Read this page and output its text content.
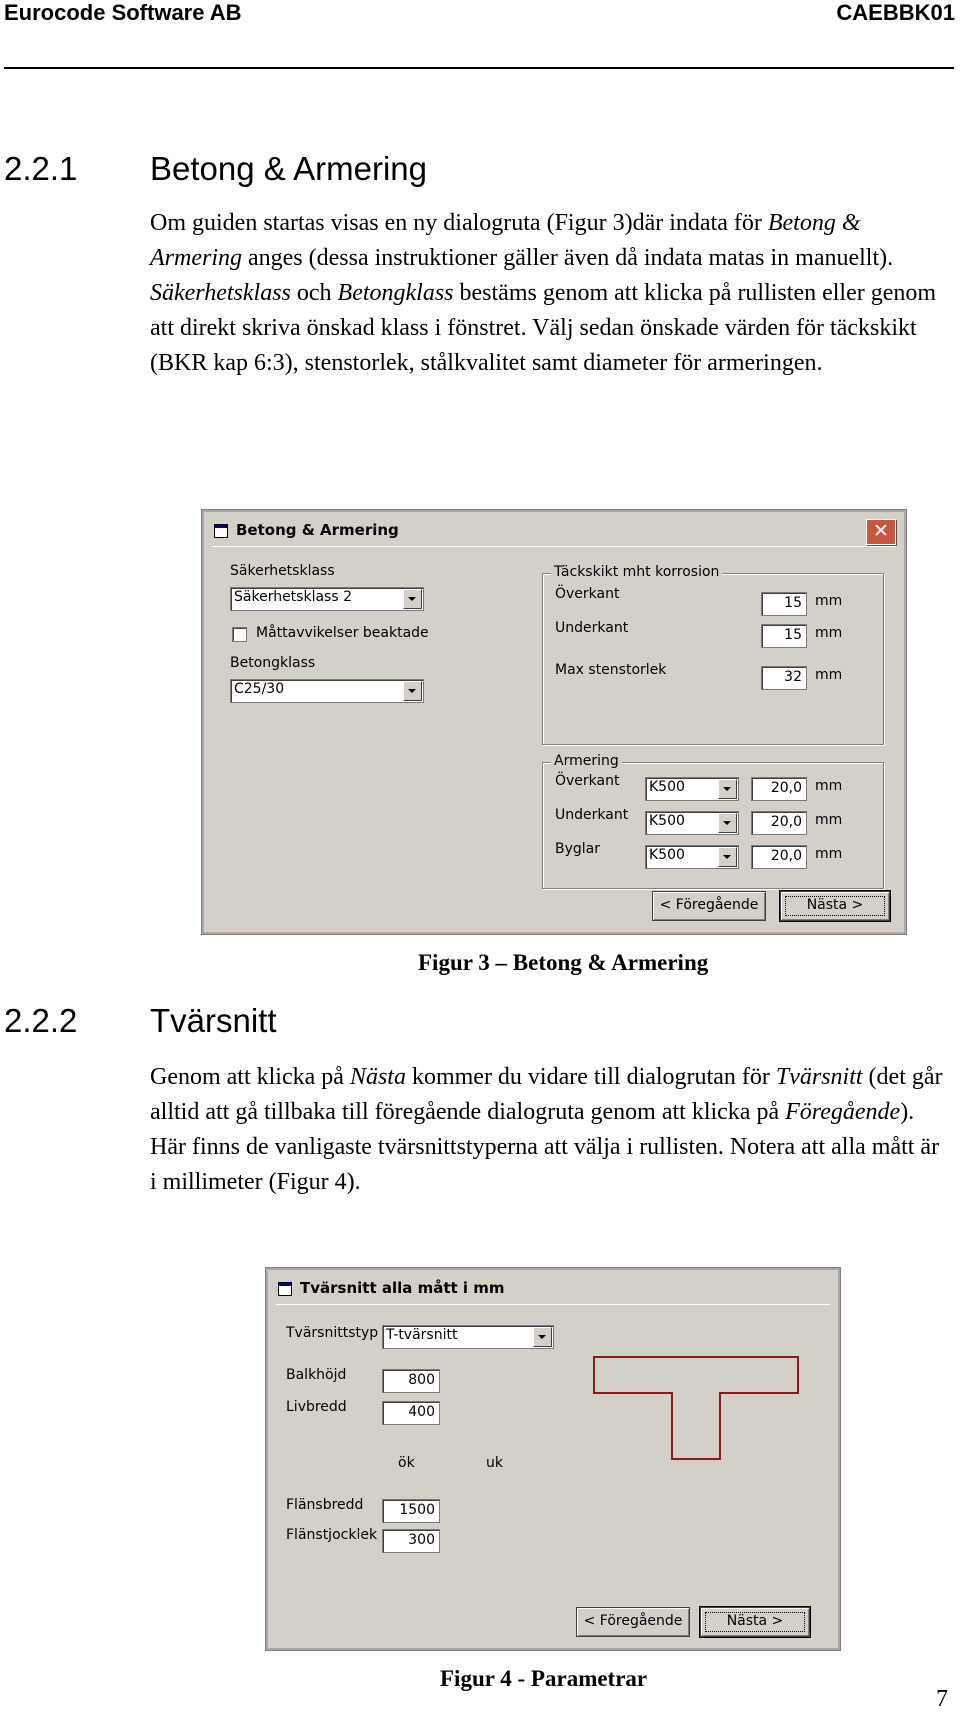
Eurocode Software AB	CAEBBK01
2.2.1 Betong & Armering
Om guiden startas visas en ny dialogruta (Figur 3)där indata för Betong & Armering anges (dessa instruktioner gäller även då indata matas in manuellt). Säkerhetsklass och Betongklass bestäms genom att klicka på rullisten eller genom att direkt skriva önskad klass i fönstret. Välj sedan önskade värden för täckskikt (BKR kap 6:3), stenstorlek, stålkvalitet samt diameter för armeringen.
Betong & Armering	✕
Säkerhetsklass
Säkerhetsklass 2
Måttavvikelser beaktade
Betongklass
C25/30
Täckskikt mht korrosion
Överkant
15 mm
Underkant	15 mm
Max stenstorlek	32 mm
Armering
Överkant K500	20,0 mm
Underkant K500	20,0 mm
Byglar	K500	20,0 mm
< Föregående	Nästa >
Figur 3 – Betong & Armering
2.2.2 Tvärsnitt
Genom att klicka på Nästa kommer du vidare till dialogrutan för Tvärsnitt (det går alltid att gå tillbaka till föregående dialogruta genom att klicka på Föregående). Här finns de vanligaste tvärsnittstyperna att välja i rullisten. Notera att alla mått är i millimeter (Figur 4).
Tvärsnitt alla mått i mm
Tvärsnittstyp T-tvärsnitt
Balkhöjd	800
Livbredd	400
ök	uk
Flänsbredd	1500
Flänstjocklek 300
< Föregående	Nästa >
Figur 4 - Parametrar
7
